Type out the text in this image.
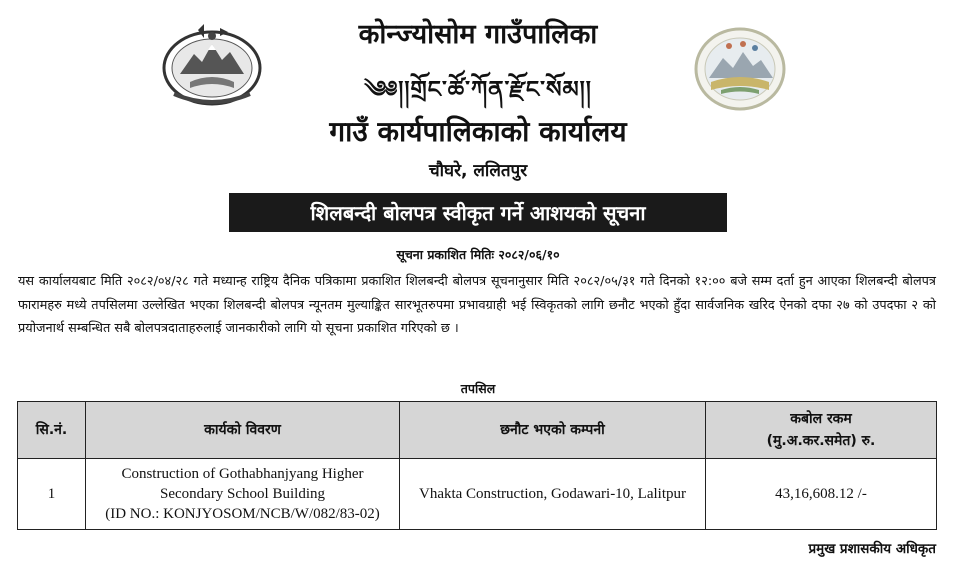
कोन्ज्योसोम गाउँपालिका
༄༅།།གྲོང་ཚོ་ཀོན་རྫོང་སོམ།།
गाउँ कार्यपालिकाको कार्यालय
चौघरे, ललितपुर
शिलबन्दी बोलपत्र स्वीकृत गर्ने आशयको सूचना
सूचना प्रकाशित मितिः २०८२/०६/१०
यस कार्यालयबाट मिति २०८२/०४/२८ गते मध्यान्ह राष्ट्रिय दैनिक पत्रिकामा प्रकाशित शिलबन्दी बोलपत्र सूचनानुसार मिति २०८२/०५/३१ गते दिनको १२:०० बजे सम्म दर्ता हुन आएका शिलबन्दी बोलपत्र फारामहरु मध्ये तपसिलमा उल्लेखित भएका शिलबन्दी बोलपत्र न्यूनतम मुल्याङ्कित सारभूतरुपमा प्रभावग्राही भई स्विकृतको लागि छनौट भएको हुँदा सार्वजनिक खरिद ऐनको दफा २७ को उपदफा २ को प्रयोजनार्थ सम्बन्धित सबै बोलपत्रदाताहरुलाई जानकारीको लागि यो सूचना प्रकाशित गरिएको छ ।
तपसिल
सि.नं.	कार्यको विवरण	छनौट भएको कम्पनी	कबोल रकम
(मु.अ.कर.समेत) रु.

1	Construction of Gothabhanjyang Higher
Secondary School Building
(ID NO.: KONJYOSOM/NCB/W/082/83-02)	Vhakta Construction, Godawari-10, Lalitpur	43,16,608.12 /-
प्रमुख प्रशासकीय अधिकृत
